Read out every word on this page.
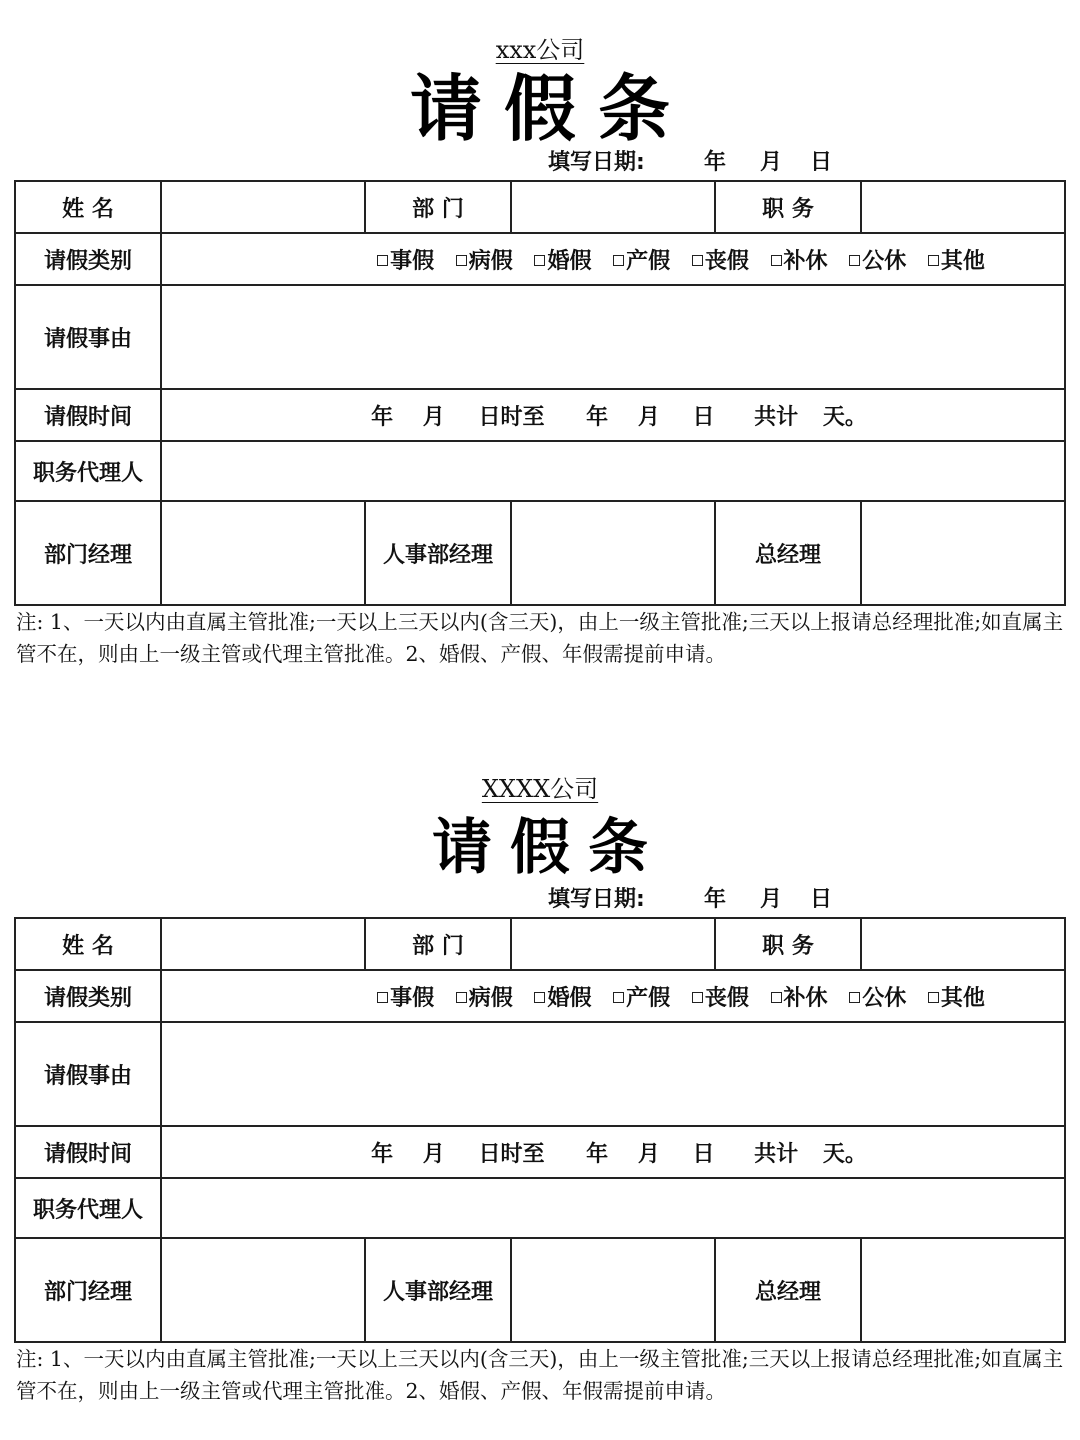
xxx公司
请假条
填写日期:	年 月 日
姓 名		部 门		职 务	
请假类别	事假 病假 婚假 产假 丧假 补休 公休 其他				
请假事由					
请假时间	年 月 日时至 年 月 日 共计 天。				
职务代理人					
部门经理		人事部经理		总经理	
注: 1、一天以内由直属主管批准;一天以上三天以内(含三天)，由上一级主管批准;三天以上报请总经理批准;如直属主管不在，则由上一级主管或代理主管批准。2、婚假、产假、年假需提前申请。
XXXX公司
请假条
填写日期:	年 月 日
姓 名		部 门		职 务	
请假类别	事假 病假 婚假 产假 丧假 补休 公休 其他				
请假事由					
请假时间	年 月 日时至 年 月 日 共计 天。				
职务代理人					
部门经理		人事部经理		总经理	
注: 1、一天以内由直属主管批准;一天以上三天以内(含三天)，由上一级主管批准;三天以上报请总经理批准;如直属主管不在，则由上一级主管或代理主管批准。2、婚假、产假、年假需提前申请。
